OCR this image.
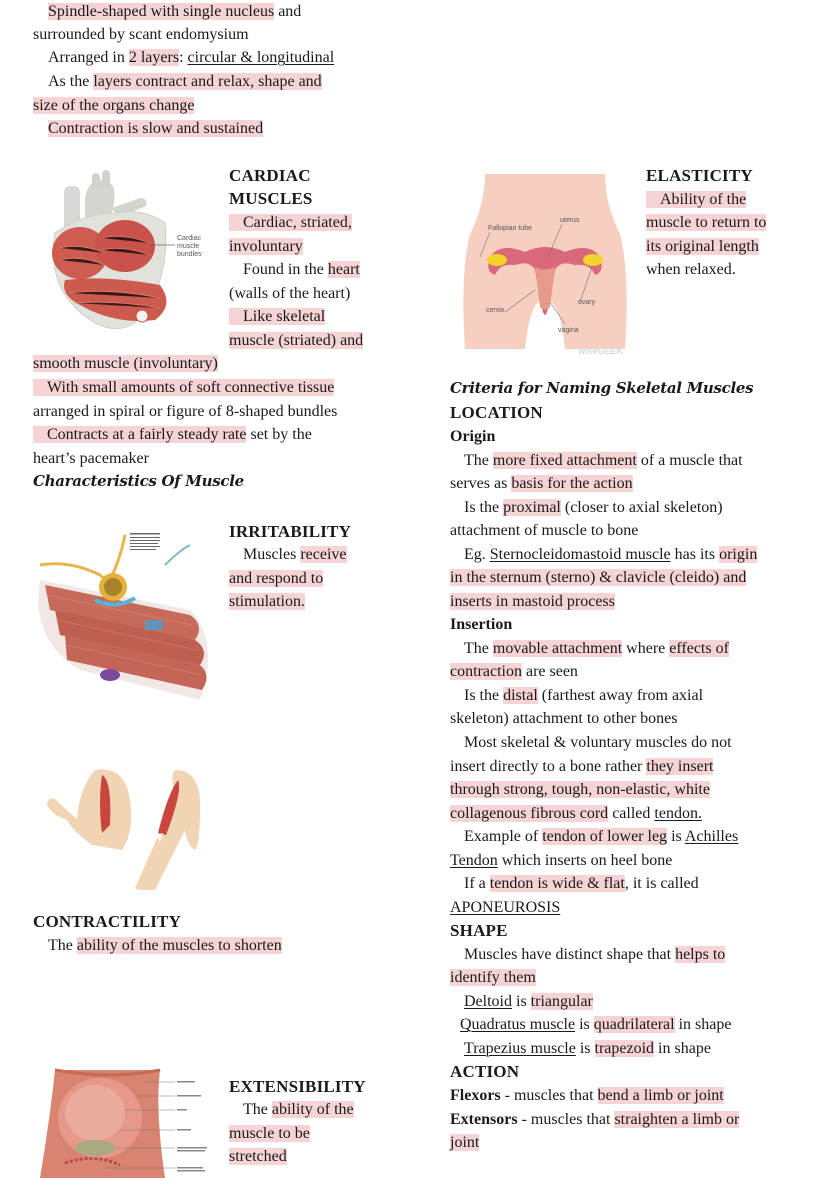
Spindle-shaped with single nucleus and
surrounded by scant endomysium
Arranged in 2 layers: circular & longitudinal
As the layers contract and relax, shape and
size of the organs change
Contraction is slow and sustained
Cardiac
muscle
bundles
CARDIAC
MUSCLES
Cardiac, striated,
involuntary
Found in the heart
(walls of the heart)
Like skeletal
muscle (striated) and
smooth muscle (involuntary)
With small amounts of soft connective tissue
arranged in spiral or figure of 8-shaped bundles
Contracts at a fairly steady rate set by the
heart’s pacemaker
Characteristics Of Muscle
IRRITABILITY
Muscles receive
and respond to
stimulation.
CONTRACTILITY
The ability of the muscles to shorten
EXTENSIBILITY
The ability of the
muscle to be
stretched
Fallopian tube
uterus
cervix
ovary
vagina
wiseGEEK
ELASTICITY
Ability of the
muscle to return to
its original length
when relaxed.
Criteria for Naming Skeletal Muscles
LOCATION
Origin
The more fixed attachment of a muscle that
serves as basis for the action
Is the proximal (closer to axial skeleton)
attachment of muscle to bone
Eg. Sternocleidomastoid muscle has its origin
in the sternum (sterno) & clavicle (cleido) and
inserts in mastoid process
Insertion
The movable attachment where effects of
contraction are seen
Is the distal (farthest away from axial
skeleton) attachment to other bones
Most skeletal & voluntary muscles do not
insert directly to a bone rather they insert
through strong, tough, non-elastic, white
collagenous fibrous cord called tendon.
Example of tendon of lower leg is Achilles
Tendon which inserts on heel bone
If a tendon is wide & flat, it is called
APONEUROSIS
SHAPE
Muscles have distinct shape that helps to
identify them
Deltoid is triangular
Quadratus muscle is quadrilateral in shape
Trapezius muscle is trapezoid in shape
ACTION
Flexors - muscles that bend a limb or joint
Extensors - muscles that straighten a limb or
joint
